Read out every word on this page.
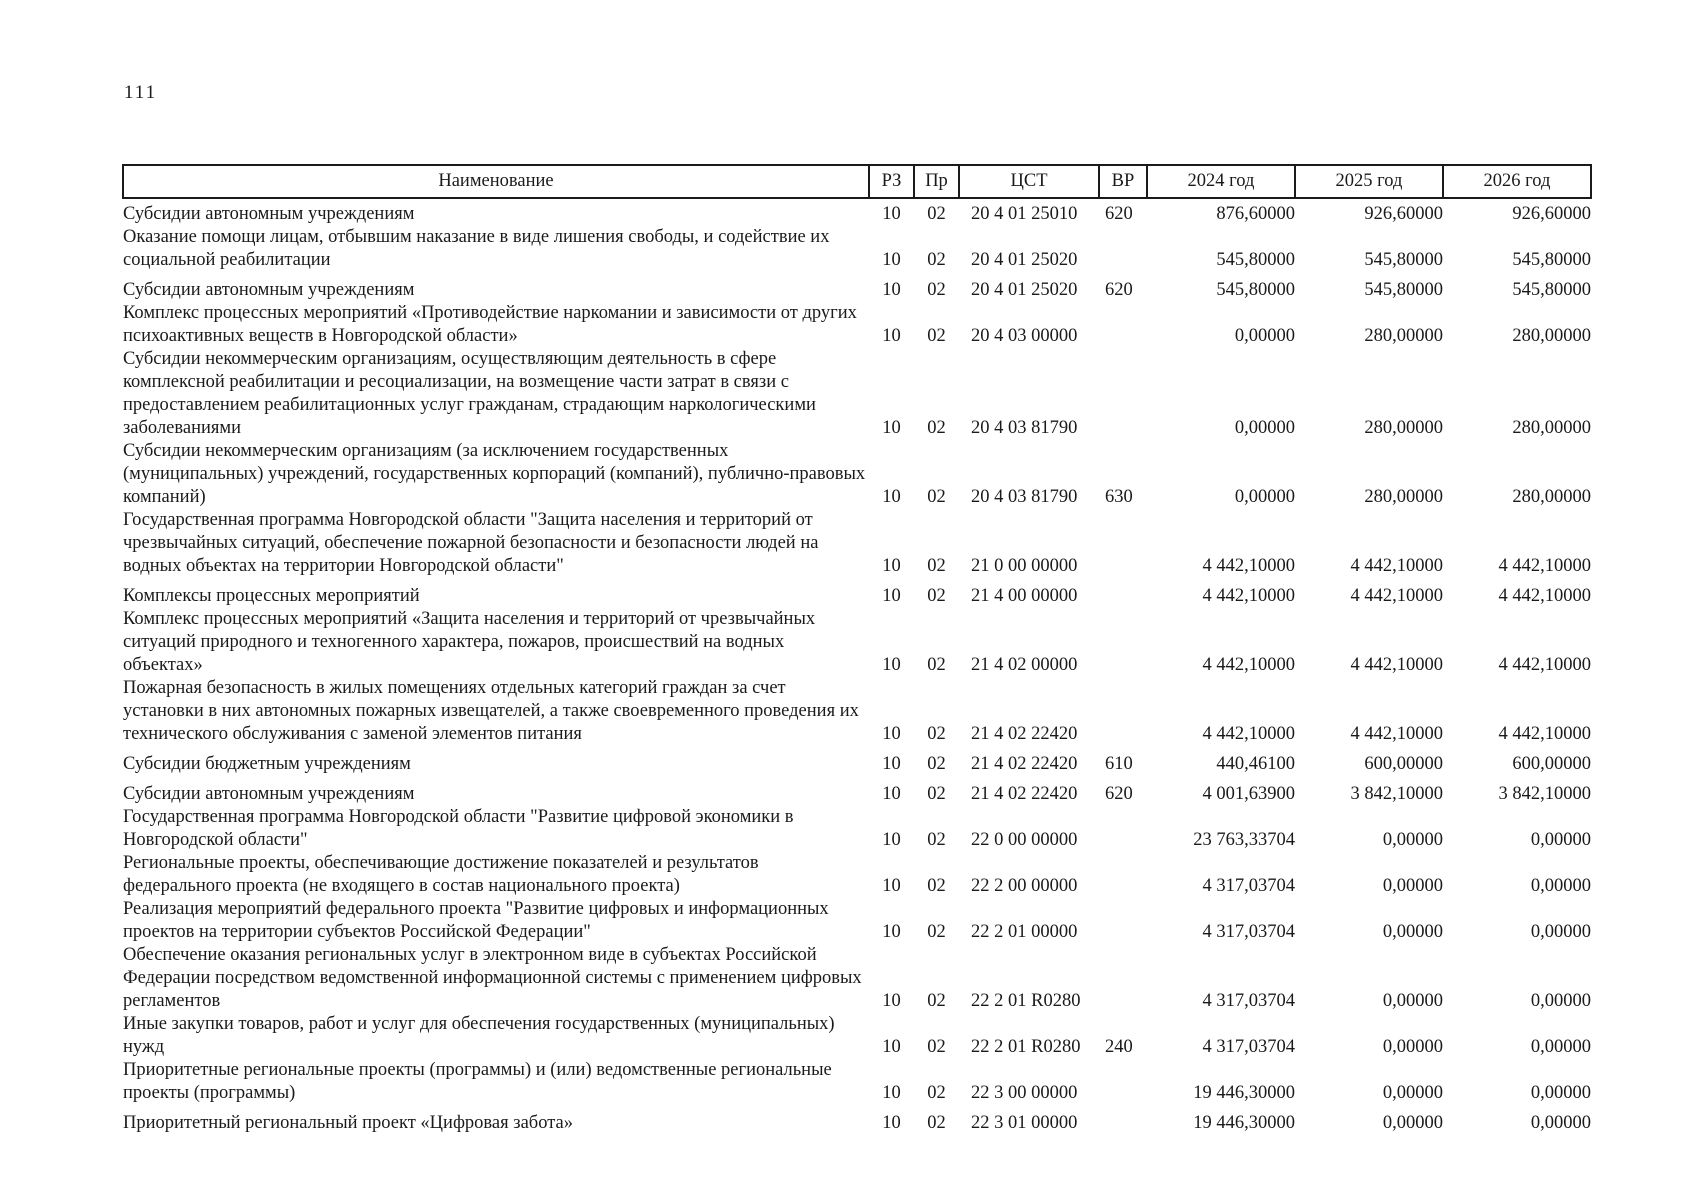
111
Наименование	РЗ	Пр	ЦСТ	ВР	2024 год	2025 год	2026 год
Субсидии автономным учреждениям	10	02	20 4 01 25010	620	876,60000	926,60000	926,60000
Оказание помощи лицам, отбывшим наказание в виде лишения свободы, и содействие их социальной реабилитации	10	02	20 4 01 25020		545,80000	545,80000	545,80000
Субсидии автономным учреждениям	10	02	20 4 01 25020	620	545,80000	545,80000	545,80000
Комплекс процессных мероприятий «Противодействие наркомании и зависимости от других психоактивных веществ в Новгородской области»	10	02	20 4 03 00000		0,00000	280,00000	280,00000
Субсидии некоммерческим организациям, осуществляющим деятельность в сфере комплексной реабилитации и ресоциализации, на возмещение части затрат в связи с предоставлением реабилитационных услуг гражданам, страдающим наркологическими заболеваниями	10	02	20 4 03 81790		0,00000	280,00000	280,00000
Субсидии некоммерческим организациям (за исключением государственных (муниципальных) учреждений, государственных корпораций (компаний), публично-правовых компаний)	10	02	20 4 03 81790	630	0,00000	280,00000	280,00000
Государственная программа Новгородской области "Защита населения и территорий от чрезвычайных ситуаций, обеспечение пожарной безопасности и безопасности людей на водных объектах на территории Новгородской области"	10	02	21 0 00 00000		4 442,10000	4 442,10000	4 442,10000
Комплексы процессных мероприятий	10	02	21 4 00 00000		4 442,10000	4 442,10000	4 442,10000
Комплекс процессных мероприятий «Защита населения и территорий от чрезвычайных ситуаций природного и техногенного характера, пожаров, происшествий на водных объектах»	10	02	21 4 02 00000		4 442,10000	4 442,10000	4 442,10000
Пожарная безопасность в жилых помещениях отдельных категорий граждан за счет установки в них автономных пожарных извещателей, а также своевременного проведения их технического обслуживания с заменой элементов питания	10	02	21 4 02 22420		4 442,10000	4 442,10000	4 442,10000
Субсидии бюджетным учреждениям	10	02	21 4 02 22420	610	440,46100	600,00000	600,00000
Субсидии автономным учреждениям	10	02	21 4 02 22420	620	4 001,63900	3 842,10000	3 842,10000
Государственная программа Новгородской области "Развитие цифровой экономики в Новгородской области"	10	02	22 0 00 00000		23 763,33704	0,00000	0,00000
Региональные проекты, обеспечивающие достижение показателей и результатов федерального проекта (не входящего в состав национального проекта)	10	02	22 2 00 00000		4 317,03704	0,00000	0,00000
Реализация мероприятий федерального проекта "Развитие цифровых и информационных проектов на территории субъектов Российской Федерации"	10	02	22 2 01 00000		4 317,03704	0,00000	0,00000
Обеспечение оказания региональных услуг в электронном виде в субъектах Российской Федерации посредством ведомственной информационной системы с применением цифровых регламентов	10	02	22 2 01 R0280		4 317,03704	0,00000	0,00000
Иные закупки товаров, работ и услуг для обеспечения государственных (муниципальных) нужд	10	02	22 2 01 R0280	240	4 317,03704	0,00000	0,00000
Приоритетные региональные проекты (программы) и (или) ведомственные региональные проекты (программы)	10	02	22 3 00 00000		19 446,30000	0,00000	0,00000
Приоритетный региональный проект «Цифровая забота»	10	02	22 3 01 00000		19 446,30000	0,00000	0,00000
